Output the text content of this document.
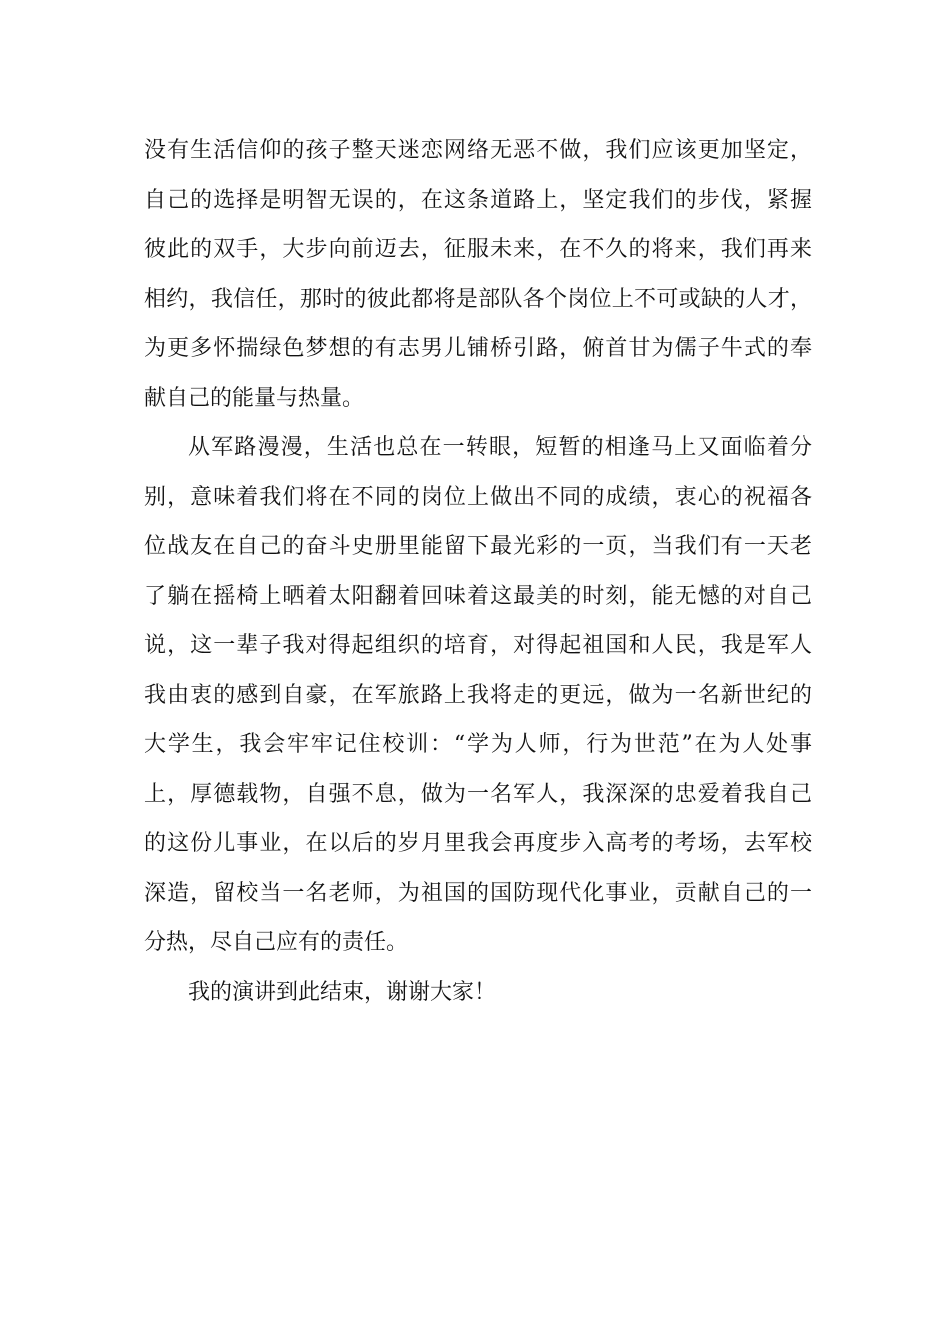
没有生活信仰的孩子整天迷恋网络无恶不做，我们应该更加坚定，
自己的选择是明智无误的，在这条道路上，坚定我们的步伐，紧握
彼此的双手，大步向前迈去，征服未来，在不久的将来，我们再来
相约，我信任，那时的彼此都将是部队各个岗位上不可或缺的人才，
为更多怀揣绿色梦想的有志男儿铺桥引路，俯首甘为儒子牛式的奉
献自己的能量与热量。
从军路漫漫，生活也总在一转眼，短暂的相逢马上又面临着分
别，意味着我们将在不同的岗位上做出不同的成绩，衷心的祝福各
位战友在自己的奋斗史册里能留下最光彩的一页，当我们有一天老
了躺在摇椅上晒着太阳翻着回味着这最美的时刻，能无憾的对自己
说，这一辈子我对得起组织的培育，对得起祖国和人民，我是军人
我由衷的感到自豪，在军旅路上我将走的更远，做为一名新世纪的
大学生，我会牢牢记住校训：“学为人师，行为世范”在为人处事
上，厚德载物，自强不息，做为一名军人，我深深的忠爱着我自己
的这份儿事业，在以后的岁月里我会再度步入高考的考场，去军校
深造，留校当一名老师，为祖国的国防现代化事业，贡献自己的一
分热，尽自己应有的责任。
我的演讲到此结束，谢谢大家！
